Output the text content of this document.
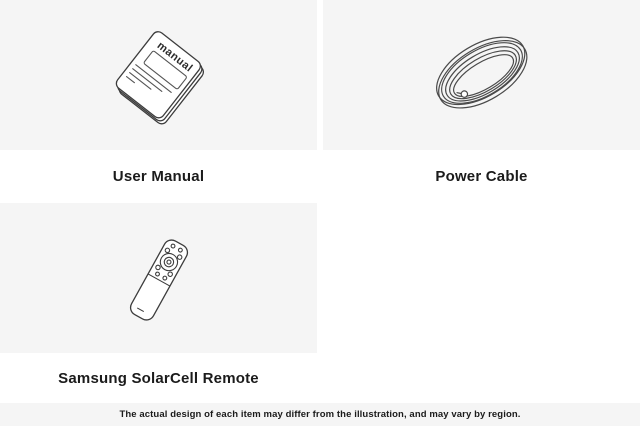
manual
User Manual	Power Cable
Samsung SolarCell Remote

The actual design of each item may differ from the illustration, and may vary by region.
